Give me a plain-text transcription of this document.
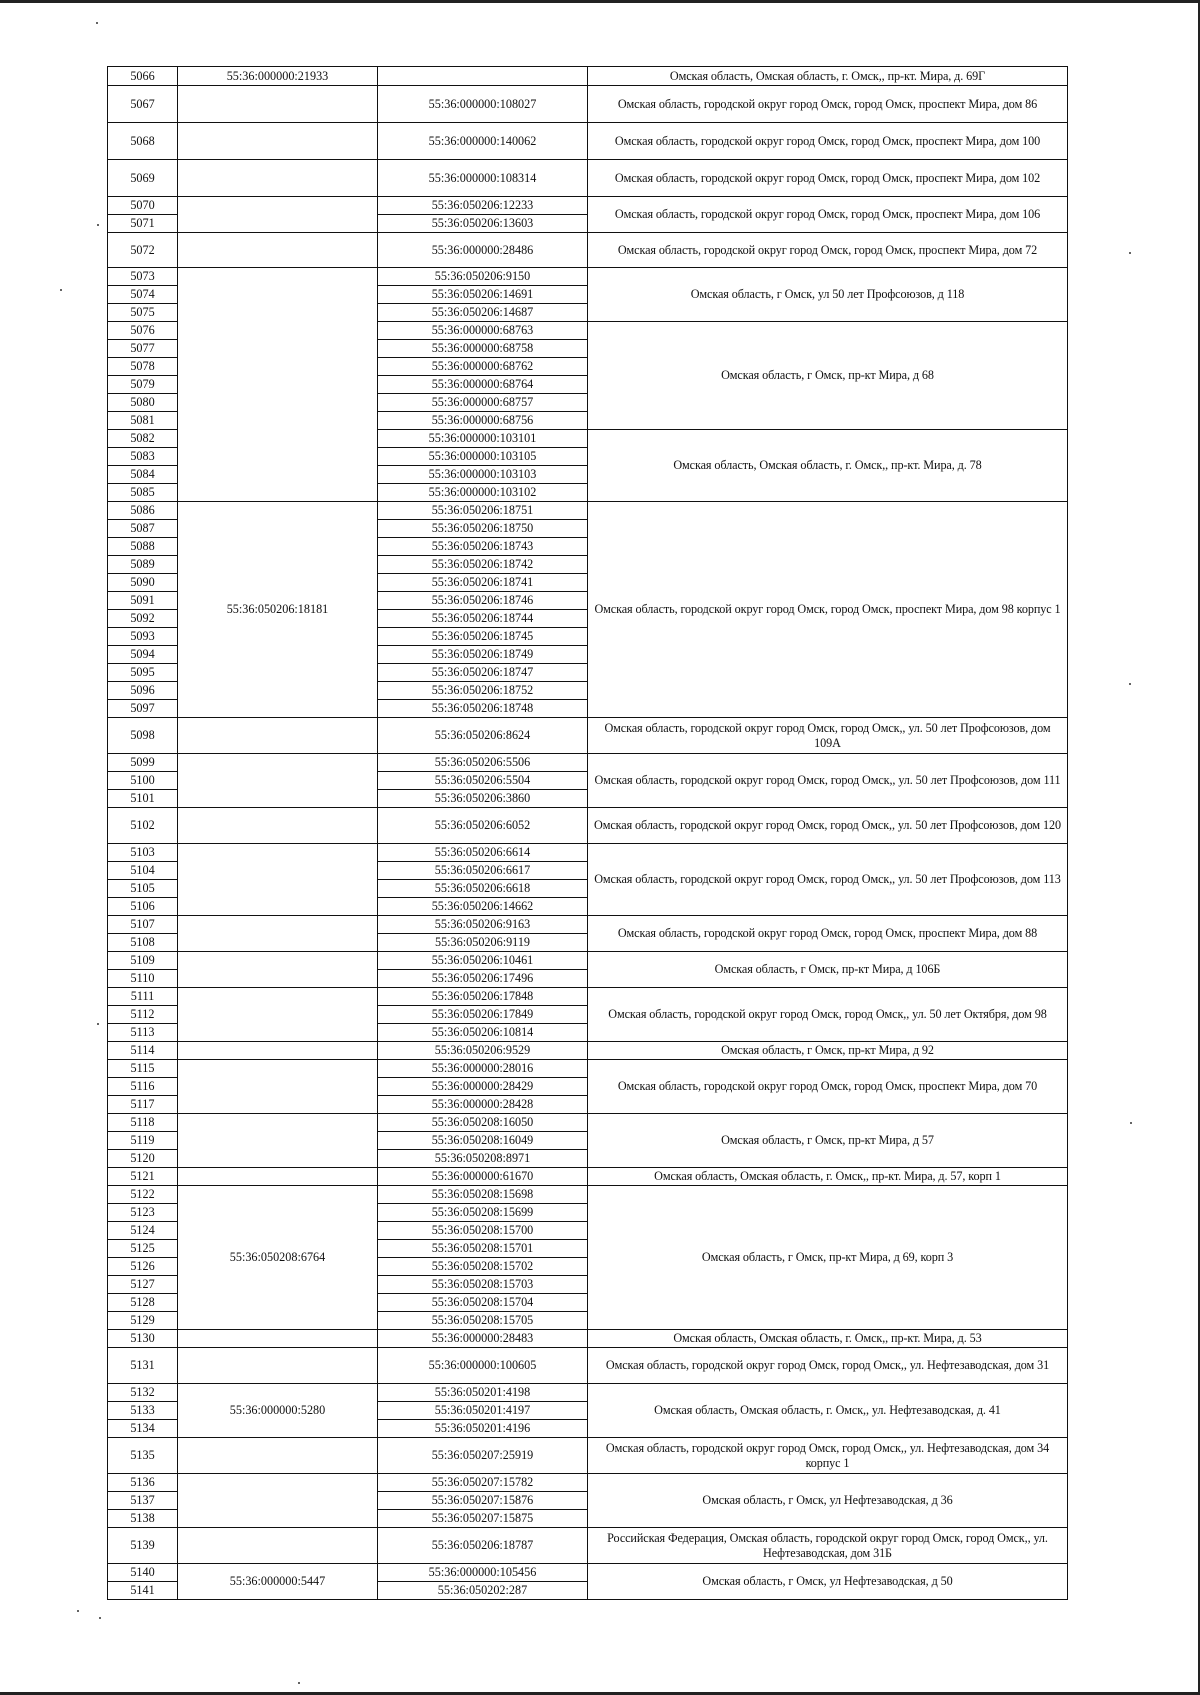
5066	55:36:000000:21933		Омская область, Омская область, г. Омск,, пр-кт. Мира, д. 69Г
5067		55:36:000000:108027	Омская область, городской округ город Омск, город Омск, проспект Мира, дом 86
5068		55:36:000000:140062	Омская область, городской округ город Омск, город Омск, проспект Мира, дом 100
5069		55:36:000000:108314	Омская область, городской округ город Омск, город Омск, проспект Мира, дом 102
5070		55:36:050206:12233	Омская область, городской округ город Омск, город Омск, проспект Мира, дом 106
5071		55:36:050206:13603	
5072		55:36:000000:28486	Омская область, городской округ город Омск, город Омск, проспект Мира, дом 72
5073		55:36:050206:9150	Омская область, г Омск, ул 50 лет Профсоюзов, д 118
5074		55:36:050206:14691	
5075		55:36:050206:14687	
5076		55:36:000000:68763	Омская область, г Омск, пр-кт Мира, д 68
5077		55:36:000000:68758	
5078		55:36:000000:68762	
5079		55:36:000000:68764	
5080		55:36:000000:68757	
5081		55:36:000000:68756	
5082		55:36:000000:103101	Омская область, Омская область, г. Омск,, пр-кт. Мира, д. 78
5083		55:36:000000:103105	
5084		55:36:000000:103103	
5085		55:36:000000:103102	
5086	55:36:050206:18181	55:36:050206:18751	Омская область, городской округ город Омск, город Омск, проспект Мира, дом 98 корпус 1
5087		55:36:050206:18750	
5088		55:36:050206:18743	
5089		55:36:050206:18742	
5090		55:36:050206:18741	
5091		55:36:050206:18746	
5092		55:36:050206:18744	
5093		55:36:050206:18745	
5094		55:36:050206:18749	
5095		55:36:050206:18747	
5096		55:36:050206:18752	
5097		55:36:050206:18748	
5098		55:36:050206:8624	Омская область, городской округ город Омск, город Омск,, ул. 50 лет Профсоюзов, дом 109А
5099		55:36:050206:5506	Омская область, городской округ город Омск, город Омск,, ул. 50 лет Профсоюзов, дом 111
5100		55:36:050206:5504	
5101		55:36:050206:3860	
5102		55:36:050206:6052	Омская область, городской округ город Омск, город Омск,, ул. 50 лет Профсоюзов, дом 120
5103		55:36:050206:6614	Омская область, городской округ город Омск, город Омск,, ул. 50 лет Профсоюзов, дом 113
5104		55:36:050206:6617	
5105		55:36:050206:6618	
5106		55:36:050206:14662	
5107		55:36:050206:9163	Омская область, городской округ город Омск, город Омск, проспект Мира, дом 88
5108		55:36:050206:9119	
5109		55:36:050206:10461	Омская область, г Омск, пр-кт Мира, д 106Б
5110		55:36:050206:17496	
5111		55:36:050206:17848	Омская область, городской округ город Омск, город Омск,, ул. 50 лет Октября, дом 98
5112		55:36:050206:17849	
5113		55:36:050206:10814	
5114		55:36:050206:9529	Омская область, г Омск, пр-кт Мира, д 92
5115		55:36:000000:28016	Омская область, городской округ город Омск, город Омск, проспект Мира, дом 70
5116		55:36:000000:28429	
5117		55:36:000000:28428	
5118		55:36:050208:16050	Омская область, г Омск, пр-кт Мира, д 57
5119		55:36:050208:16049	
5120		55:36:050208:8971	
5121		55:36:000000:61670	Омская область, Омская область, г. Омск,, пр-кт. Мира, д. 57, корп 1
5122	55:36:050208:6764	55:36:050208:15698	Омская область, г Омск, пр-кт Мира, д 69, корп 3
5123		55:36:050208:15699	
5124		55:36:050208:15700	
5125		55:36:050208:15701	
5126		55:36:050208:15702	
5127		55:36:050208:15703	
5128		55:36:050208:15704	
5129		55:36:050208:15705	
5130		55:36:000000:28483	Омская область, Омская область, г. Омск,, пр-кт. Мира, д. 53
5131		55:36:000000:100605	Омская область, городской округ город Омск, город Омск,, ул. Нефтезаводская, дом 31
5132	55:36:000000:5280	55:36:050201:4198	Омская область, Омская область, г. Омск,, ул. Нефтезаводская, д. 41
5133		55:36:050201:4197	
5134		55:36:050201:4196	
5135		55:36:050207:25919	Омская область, городской округ город Омск, город Омск,, ул. Нефтезаводская, дом 34 корпус 1
5136		55:36:050207:15782	Омская область, г Омск, ул Нефтезаводская, д 36
5137		55:36:050207:15876	
5138		55:36:050207:15875	
5139		55:36:050206:18787	Российская Федерация, Омская область, городской округ город Омск, город Омск,, ул. Нефтезаводская, дом 31Б
5140	55:36:000000:5447	55:36:000000:105456	Омская область, г Омск, ул Нефтезаводская, д 50
5141		55:36:050202:287	
